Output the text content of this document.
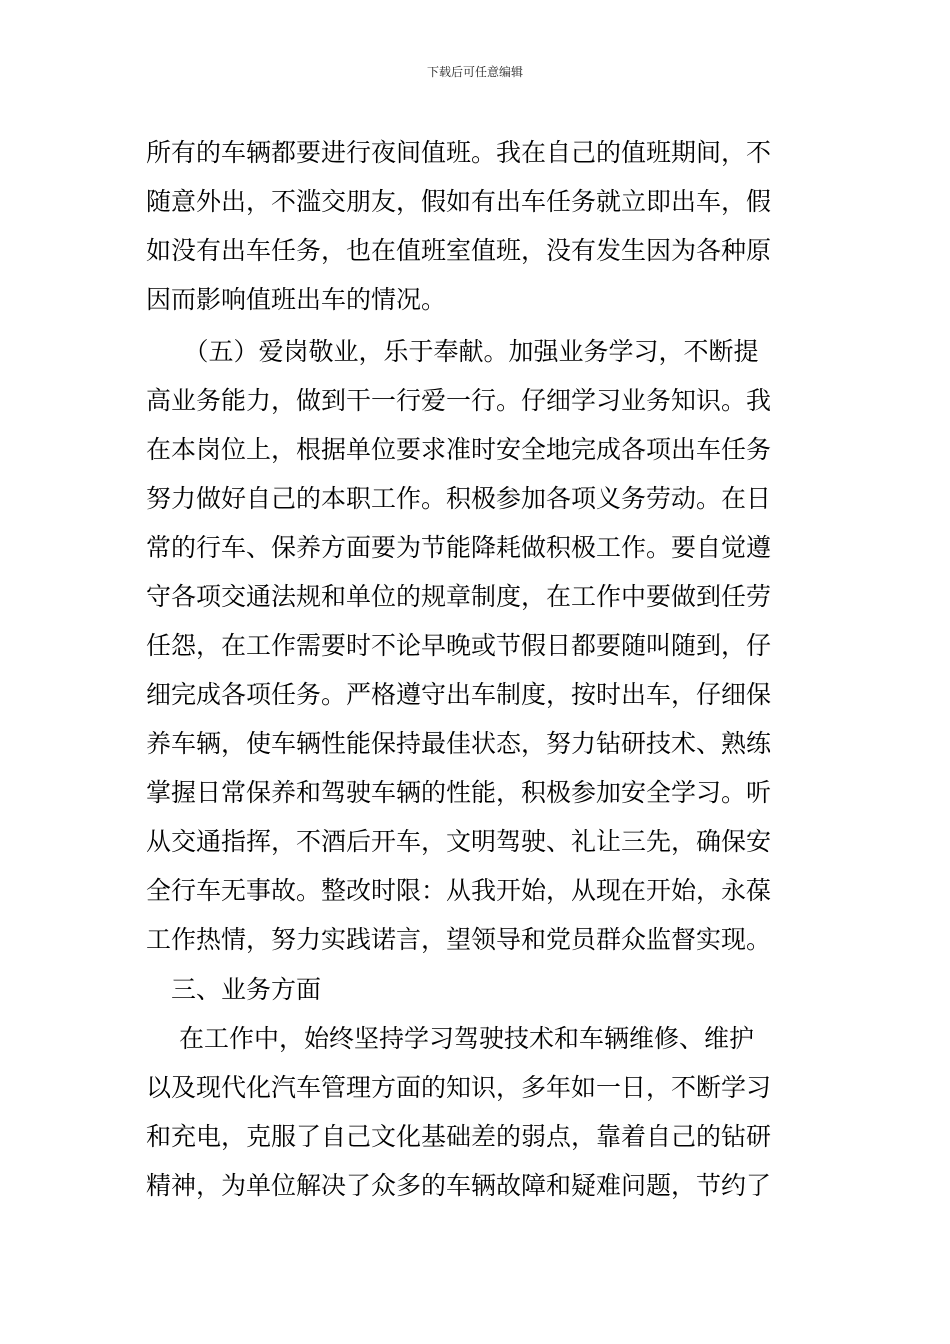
下载后可任意编辑
所有的车辆都要进行夜间值班。我在自己的值班期间，不
随意外出，不滥交朋友，假如有出车任务就立即出车，假
如没有出车任务，也在值班室值班，没有发生因为各种原
因而影响值班出车的情况。
　　（五）爱岗敬业，乐于奉献。加强业务学习，不断提
高业务能力，做到干一行爱一行。仔细学习业务知识。我
在本岗位上，根据单位要求准时安全地完成各项出车任务
努力做好自己的本职工作。积极参加各项义务劳动。在日
常的行车、保养方面要为节能降耗做积极工作。要自觉遵
守各项交通法规和单位的规章制度，在工作中要做到任劳
任怨，在工作需要时不论早晚或节假日都要随叫随到，仔
细完成各项任务。严格遵守出车制度，按时出车，仔细保
养车辆，使车辆性能保持最佳状态，努力钻研技术、熟练
掌握日常保养和驾驶车辆的性能，积极参加安全学习。听
从交通指挥，不酒后开车，文明驾驶、礼让三先，确保安
全行车无事故。整改时限：从我开始，从现在开始，永葆
工作热情，努力实践诺言，望领导和党员群众监督实现。
　三、业务方面
　 在工作中，始终坚持学习驾驶技术和车辆维修、维护
以及现代化汽车管理方面的知识，多年如一日，不断学习
和充电，克服了自己文化基础差的弱点，靠着自己的钻研
精神，为单位解决了众多的车辆故障和疑难问题，节约了
